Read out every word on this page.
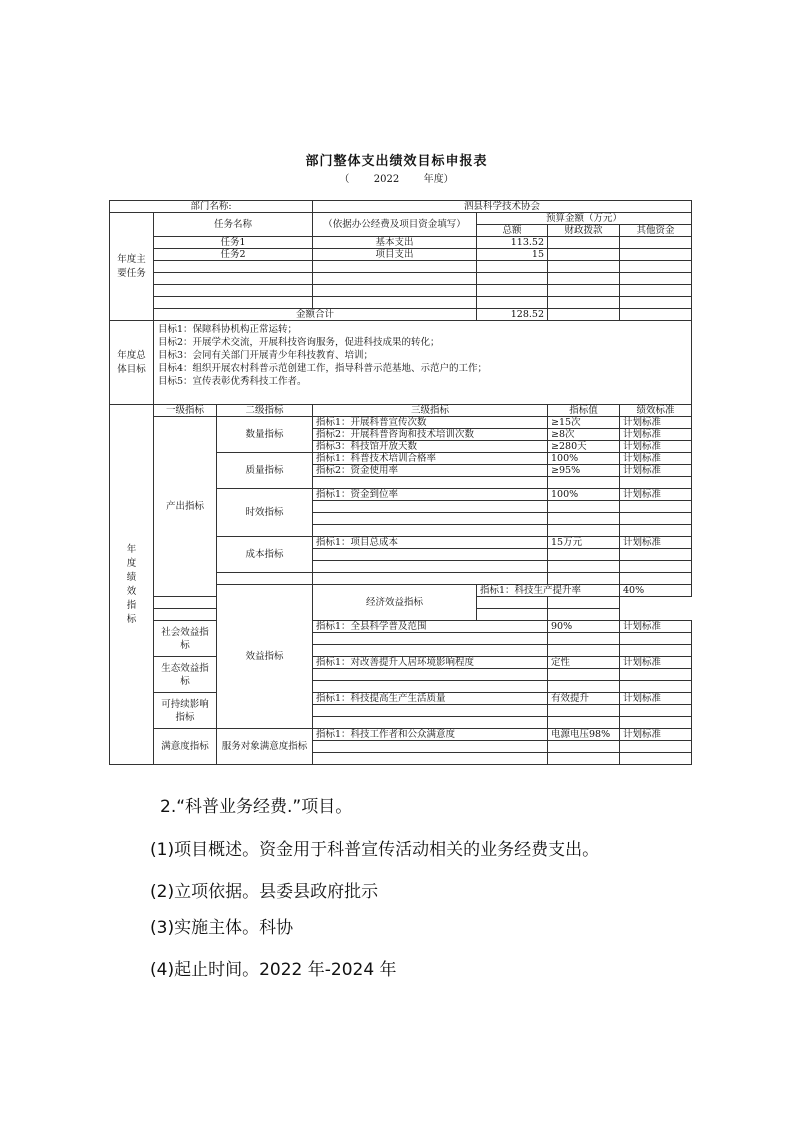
部门整体支出绩效目标申报表
（ 2022 年度）
部门名称:			泗县科学技术协会				
年度主要任务	任务名称		（依据办公经费及项目资金填写）	预算金额（万元）			
				总额	财政拨款	其他资金	
	任务1		基本支出	113.52			
	任务2		项目支出	15			

	金额合计			128.52			
年度总体目标	目标1：保障科协机构正常运转；
目标2：开展学术交流，开展科技咨询服务，促进科技成果的转化；
目标3：会同有关部门开展青少年科技教育、培训；
目标4：组织开展农村科普示范创建工作，指导科普示范基地、示范户的工作；
目标5：宣传表彰优秀科技工作者。						

年度绩效指标	一级指标	二级指标	三级指标		指标值	绩效标准	
	产出指标	数量指标	指标1：开展科普宣传次数		≥15次	计划标准	
			指标2：开展科普咨询和技术培训次数		≥8次	计划标准	
			指标3：科技馆开放天数		≥280天	计划标准	
		质量指标	指标1：科普技术培训合格率		100%	计划标准	
			指标2：资金使用率		≥95%	计划标准	

		时效指标	指标1：资金到位率		100%	计划标准	

		成本指标	指标1：项目总成本		15万元	计划标准	

		效益指标	经济效益指标	指标1：科技生产提升率		40%	

	社会效益指标		指标1：全县科学普及范围		90%	计划标准	

	生态效益指标		指标1：对改善提升人居环境影响程度		定性	计划标准	

	可持续影响指标		指标1：科技提高生产生活质量		有效提升	计划标准	

	满意度指标	服务对象满意度指标	指标1：科技工作者和公众满意度		电源电压98%	计划标准	

2.“科普业务经费.”项目。
(1)项目概述。资金用于科普宣传活动相关的业务经费支出。
(2)立项依据。县委县政府批示
(3)实施主体。科协
(4)起止时间。2022 年-2024 年
